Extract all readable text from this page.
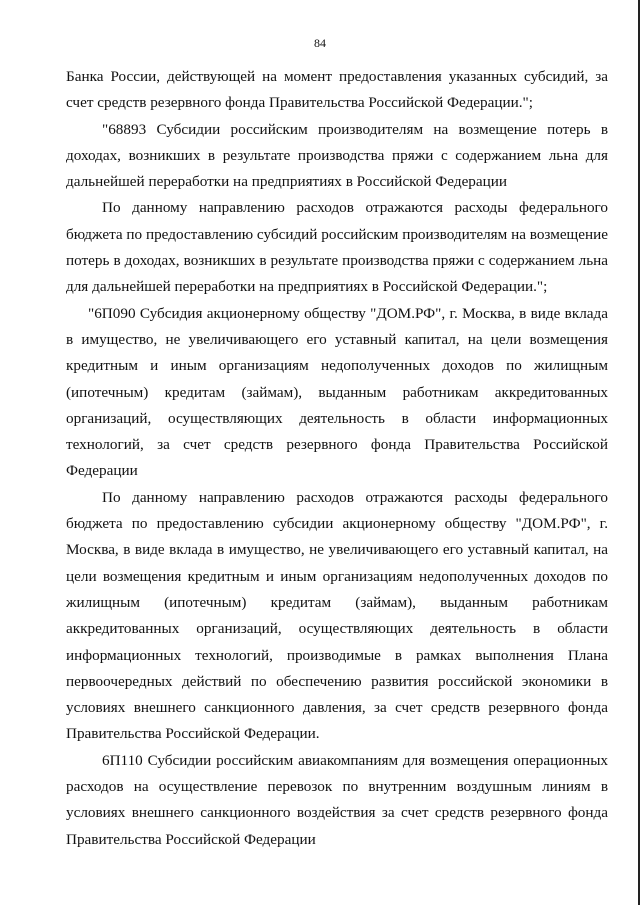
84

Банка России, действующей на момент предоставления указанных субсидий, за счет средств резервного фонда Правительства Российской Федерации.";

"68893 Субсидии российским производителям на возмещение потерь в доходах, возникших в результате производства пряжи с содержанием льна для дальнейшей переработки на предприятиях в Российской Федерации

По данному направлению расходов отражаются расходы федерального бюджета по предоставлению субсидий российским производителям на возмещение потерь в доходах, возникших в результате производства пряжи с содержанием льна для дальнейшей переработки на предприятиях в Российской Федерации.";

"6П090 Субсидия акционерному обществу "ДОМ.РФ", г. Москва, в виде вклада в имущество, не увеличивающего его уставный капитал, на цели возмещения кредитным и иным организациям недополученных доходов по жилищным (ипотечным) кредитам (займам), выданным работникам аккредитованных организаций, осуществляющих деятельность в области информационных технологий, за счет средств резервного фонда Правительства Российской Федерации

По данному направлению расходов отражаются расходы федерального бюджета по предоставлению субсидии акционерному обществу "ДОМ.РФ", г. Москва, в виде вклада в имущество, не увеличивающего его уставный капитал, на цели возмещения кредитным и иным организациям недополученных доходов по жилищным (ипотечным) кредитам (займам), выданным работникам аккредитованных организаций, осуществляющих деятельность в области информационных технологий, производимые в рамках выполнения Плана первоочередных действий по обеспечению развития российской экономики в условиях внешнего санкционного давления, за счет средств резервного фонда Правительства Российской Федерации.

6П110 Субсидии российским авиакомпаниям для возмещения операционных расходов на осуществление перевозок по внутренним воздушным линиям в условиях внешнего санкционного воздействия за счет средств резервного фонда Правительства Российской Федерации
